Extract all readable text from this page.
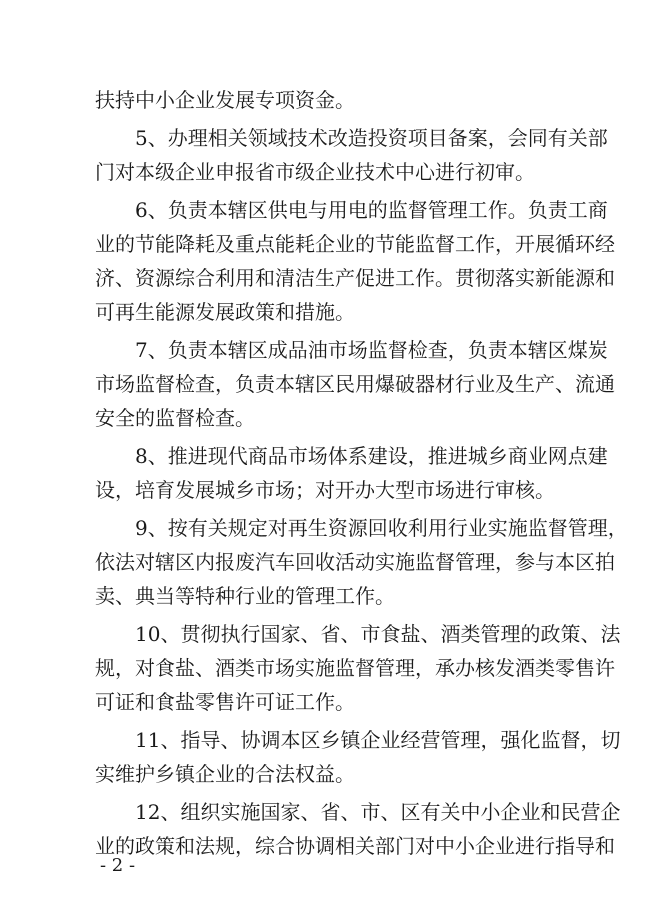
扶持中小企业发展专项资金。
5、办理相关领域技术改造投资项目备案，会同有关部
门对本级企业申报省市级企业技术中心进行初审。
6、负责本辖区供电与用电的监督管理工作。负责工商
业的节能降耗及重点能耗企业的节能监督工作，开展循环经
济、资源综合利用和清洁生产促进工作。贯彻落实新能源和
可再生能源发展政策和措施。
7、负责本辖区成品油市场监督检查，负责本辖区煤炭
市场监督检查，负责本辖区民用爆破器材行业及生产、流通
安全的监督检查。
8、推进现代商品市场体系建设，推进城乡商业网点建
设，培育发展城乡市场；对开办大型市场进行审核。
9、按有关规定对再生资源回收利用行业实施监督管理，
依法对辖区内报废汽车回收活动实施监督管理，参与本区拍
卖、典当等特种行业的管理工作。
10、贯彻执行国家、省、市食盐、酒类管理的政策、法
规，对食盐、酒类市场实施监督管理，承办核发酒类零售许
可证和食盐零售许可证工作。
11、指导、协调本区乡镇企业经营管理，强化监督，切
实维护乡镇企业的合法权益。
12、组织实施国家、省、市、区有关中小企业和民营企
业的政策和法规，综合协调相关部门对中小企业进行指导和
- 2 -
